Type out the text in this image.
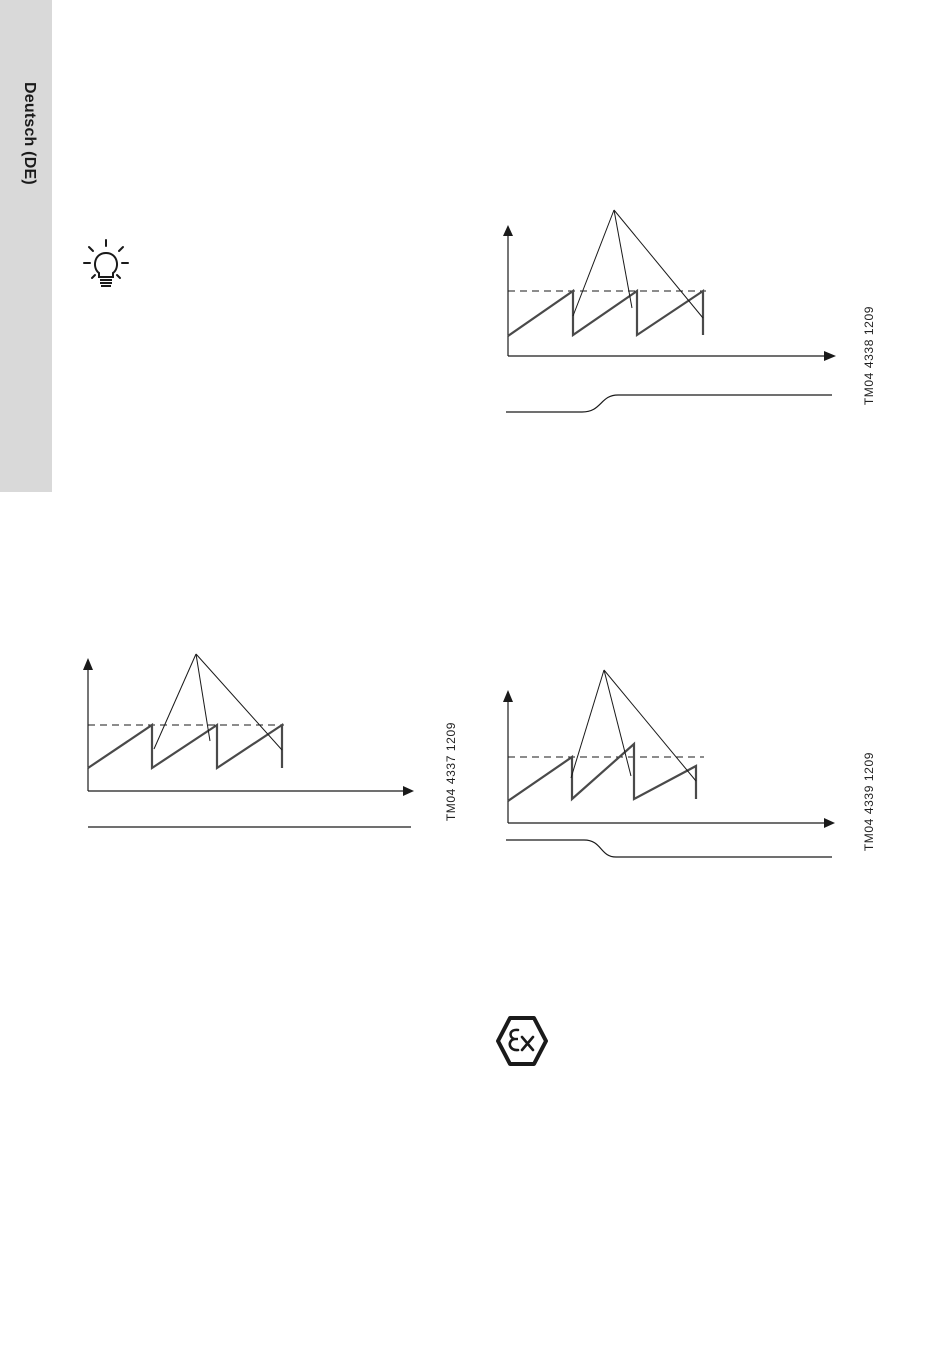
Deutsch (DE)
TM04 4338 1209
TM04 4337 1209	TM04 4339 1209
